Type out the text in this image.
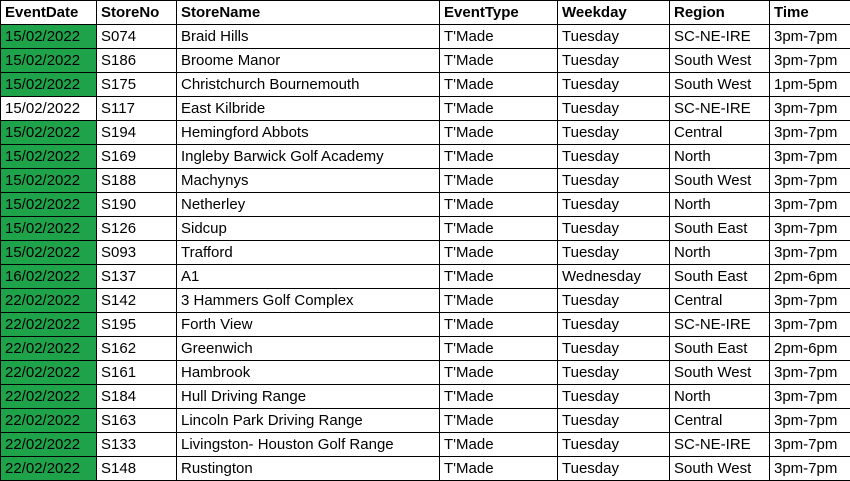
EventDate	StoreNo	StoreName	EventType	Weekday	Region	Time
15/02/2022	S074	Braid Hills	T'Made	Tuesday	SC-NE-IRE	3pm-7pm
15/02/2022	S186	Broome Manor	T'Made	Tuesday	South West	3pm-7pm
15/02/2022	S175	Christchurch Bournemouth	T'Made	Tuesday	South West	1pm-5pm
15/02/2022	S117	East Kilbride	T'Made	Tuesday	SC-NE-IRE	3pm-7pm
15/02/2022	S194	Hemingford Abbots	T'Made	Tuesday	Central	3pm-7pm
15/02/2022	S169	Ingleby Barwick Golf Academy	T'Made	Tuesday	North	3pm-7pm
15/02/2022	S188	Machynys	T'Made	Tuesday	South West	3pm-7pm
15/02/2022	S190	Netherley	T'Made	Tuesday	North	3pm-7pm
15/02/2022	S126	Sidcup	T'Made	Tuesday	South East	3pm-7pm
15/02/2022	S093	Trafford	T'Made	Tuesday	North	3pm-7pm
16/02/2022	S137	A1	T'Made	Wednesday	South East	2pm-6pm
22/02/2022	S142	3 Hammers Golf Complex	T'Made	Tuesday	Central	3pm-7pm
22/02/2022	S195	Forth View	T'Made	Tuesday	SC-NE-IRE	3pm-7pm
22/02/2022	S162	Greenwich	T'Made	Tuesday	South East	2pm-6pm
22/02/2022	S161	Hambrook	T'Made	Tuesday	South West	3pm-7pm
22/02/2022	S184	Hull Driving Range	T'Made	Tuesday	North	3pm-7pm
22/02/2022	S163	Lincoln Park Driving Range	T'Made	Tuesday	Central	3pm-7pm
22/02/2022	S133	Livingston- Houston Golf Range	T'Made	Tuesday	SC-NE-IRE	3pm-7pm
22/02/2022	S148	Rustington	T'Made	Tuesday	South West	3pm-7pm
